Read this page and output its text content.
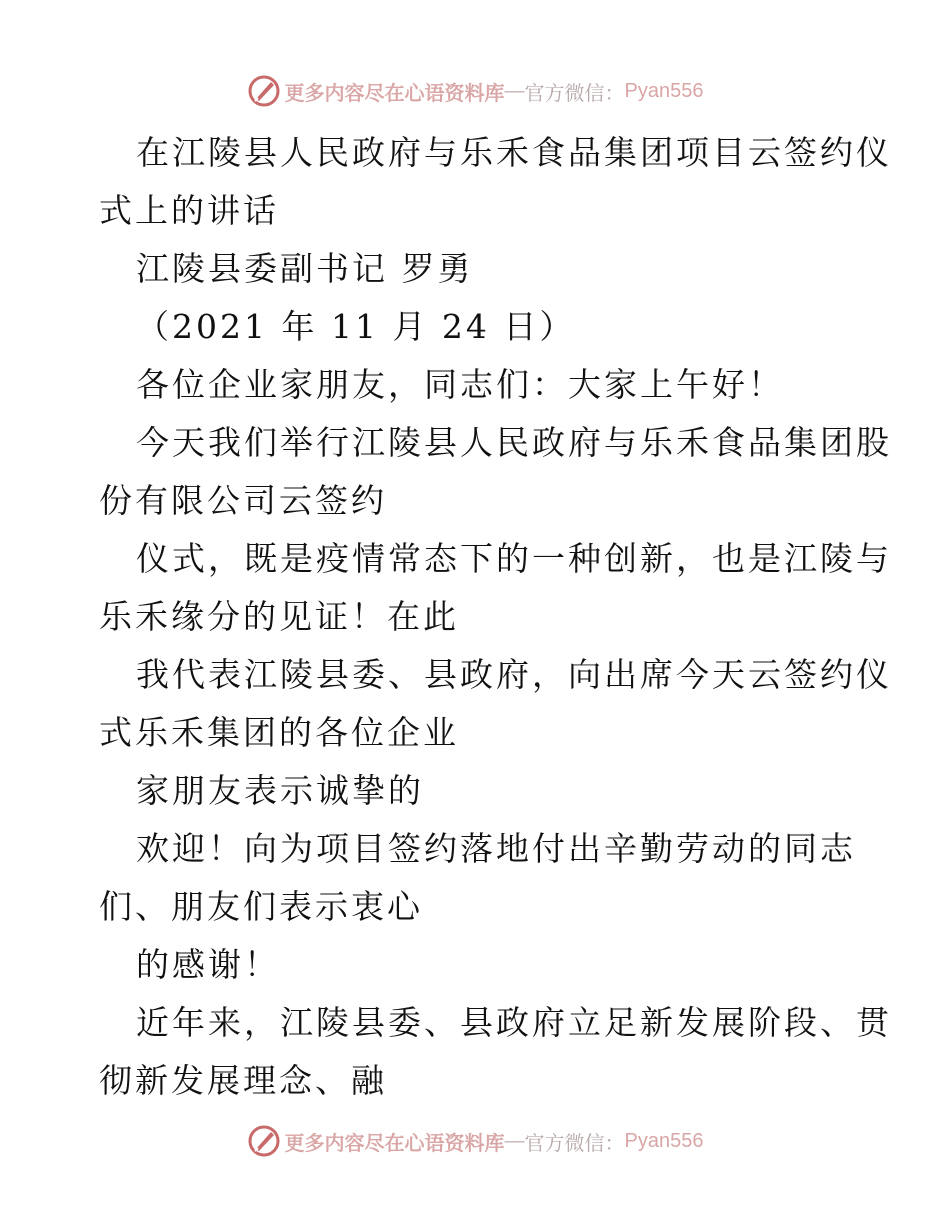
更多内容尽在心语资料库 — 官方微信： Pyan556
在江陵县人民政府与乐禾食品集团项目云签约仪
式上的讲话
江陵县委副书记 罗勇
（2021 年 11 月 24 日）
各位企业家朋友，同志们：大家上午好！
今天我们举行江陵县人民政府与乐禾食品集团股
份有限公司云签约
仪式，既是疫情常态下的一种创新，也是江陵与
乐禾缘分的见证！在此
我代表江陵县委、县政府，向出席今天云签约仪
式乐禾集团的各位企业
家朋友表示诚挚的
欢迎！向为项目签约落地付出辛勤劳动的同志
们、朋友们表示衷心
的感谢！
近年来，江陵县委、县政府立足新发展阶段、贯
彻新发展理念、融
更多内容尽在心语资料库 — 官方微信： Pyan556
